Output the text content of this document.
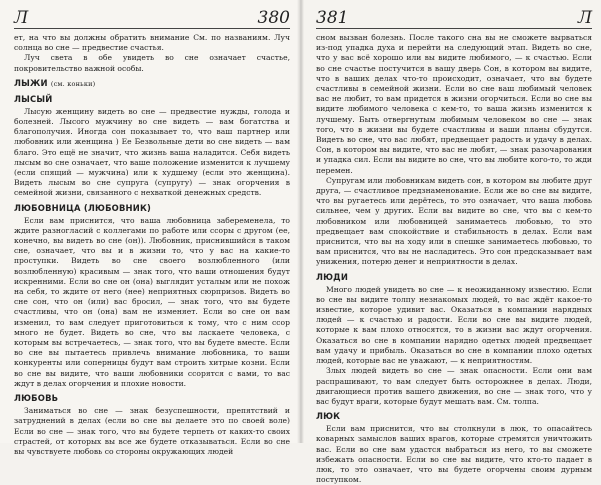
Л	380

ет, на что вы должны обратить внимание См. по названиям. Луч солнца во сне — предвестие счастья.

Луч света в обе увидеть во сне означает счастье, покровительство важной особы.

ЛЫЖИ (см. коньки)
ЛЫСЫЙ

Лысую женщину видеть во сне — предвестие нужды, голода и болезней. Лысого мужчину во сне видеть — вам богатства и благополучия. Иногда сон показывает то, что ваш партнер или любовник или женщина ) Ее Безвольные дети во сне видеть — вам благо. Это ещё не значит, что жизнь ваша наладится. Себя видеть лысым во сне означает, что ваше положение изменится к лучшему (если спящий — мужчина) или к худшему (если это женщина). Видеть лысым во сне супруга (супругу) — знак огорчения в семейной жизни, связанного с нехваткой денежных средств.

ЛЮБОВНИЦА (ЛЮБОВНИК)

Если вам приснится, что ваша любовница забеременела, то ждите разногласий с коллегами по работе или ссоры с другом (ее, конечно, вы видеть во сне (он)). Любовник, приснившийся в таком сне, означает, что вы и в жизни то, что у вас на какие-то проступки. Видеть во сне своего возлюбленного (или возлюбленную) красивым — знак того, что ваши отношения будут искренними. Если во сне он (она) выглядит усталым или не похож на себя, то ждите от него (нее) неприятных сюрпризов. Видеть во сне сон, что он (или) вас бросил, — знак того, что вы будете счастливы, что он (она) вам не изменяет. Если во сне он вам изменил, то вам следует приготовиться к тому, что с ним ссор много не будет. Видеть во сне, что вы ласкаете человека, с которым вы встречаетесь, — знак того, что вы будете вместе. Если во сне вы пытаетесь привлечь внимание любовника, то ваши конкуренты или соперницы будут вам строить хитрые козни. Если во сне вы видите, что ваши любовники ссорятся с вами, то вас ждут в делах огорчения и плохие новости.

ЛЮБОВЬ

Заниматься во сне — знак безуспешности, препятствий и затруднений в делах (если во сне вы делаете это по своей воле) Если во сне — знак того, что вы будете терпеть от каких-то своих страстей, от которых вы все же будете отказываться. Если во сне вы чувствуете любовь со стороны окружающих людей

381	Л

сном вызван болезнь. После такого сна вы не сможете вырваться из-под упадка духа и перейти на следующий этап. Видеть во сне, что у вас всё хорошо или вы видите любимого, — к счастью. Если во сне счастье постучится в вашу дверь Сон, в котором вы видите, что в ваших делах что-то происходит, означает, что вы будете счастливы в семейной жизни. Если во сне ваш любимый человек вас не любит, то вам придется в жизни огорчиться. Если во сне вы видите любимого человека с кем-то, то ваша жизнь изменится к лучшему. Быть отвергнутым любимым человеком во сне — знак того, что в жизни вы будете счастливы и ваши планы сбудутся. Видеть во сне, что вас любят, предвещает радость и удачу в делах. Сон, в котором вы видите, что вас не любят, — знак разочарования и упадка сил. Если вы видите во сне, что вы любите кого-то, то жди перемен.

Супругам или любовникам видеть сон, в котором вы любите друг друга, — счастливое предзнаменование. Если же во сне вы видите, что вы ругаетесь или дерётесь, то это означает, что ваша любовь сильнее, чем у других. Если вы видите во сне, что вы с кем-то любовником или любовницей занимаетесь любовью, то это предвещает вам спокойствие и стабильность в делах. Если вам приснится, что вы на ходу или в спешке занимаетесь любовью, то вам приснится, что вы не насладитесь. Это сон предсказывает вам унижения, потерю денег и неприятности в делах.

ЛЮДИ

Много людей увидеть во сне — к неожиданному известию. Если во сне вы видите толпу незнакомых людей, то вас ждёт какое-то известие, которое удивит вас. Оказаться в компании нарядных людей — к счастью и радости. Если во сне вы видите людей, которые к вам плохо относятся, то в жизни вас ждут огорчения. Оказаться во сне в компании нарядно одетых людей предвещает вам удачу и прибыль. Оказаться во сне в компании плохо одетых людей, которые вас не уважают, — к неприятностям.

Злых людей видеть во сне — знак опасности. Если они вам распрашивают, то вам следует быть осторожнее в делах. Люди, двигающиеся против вашего движения, во сне — знак того, что у вас будут враги, которые будут мешать вам. См. толпа.

ЛЮК

Если вам приснится, что вы столкнули в люк, то опасайтесь коварных замыслов ваших врагов, которые стремятся уничтожить вас. Если во сне вам удастся выбраться из него, то вы сможете избежать опасности. Если во сне вы видите, что кто-то падает в люк, то это означает, что вы будете огорчены своим дурным поступком.
